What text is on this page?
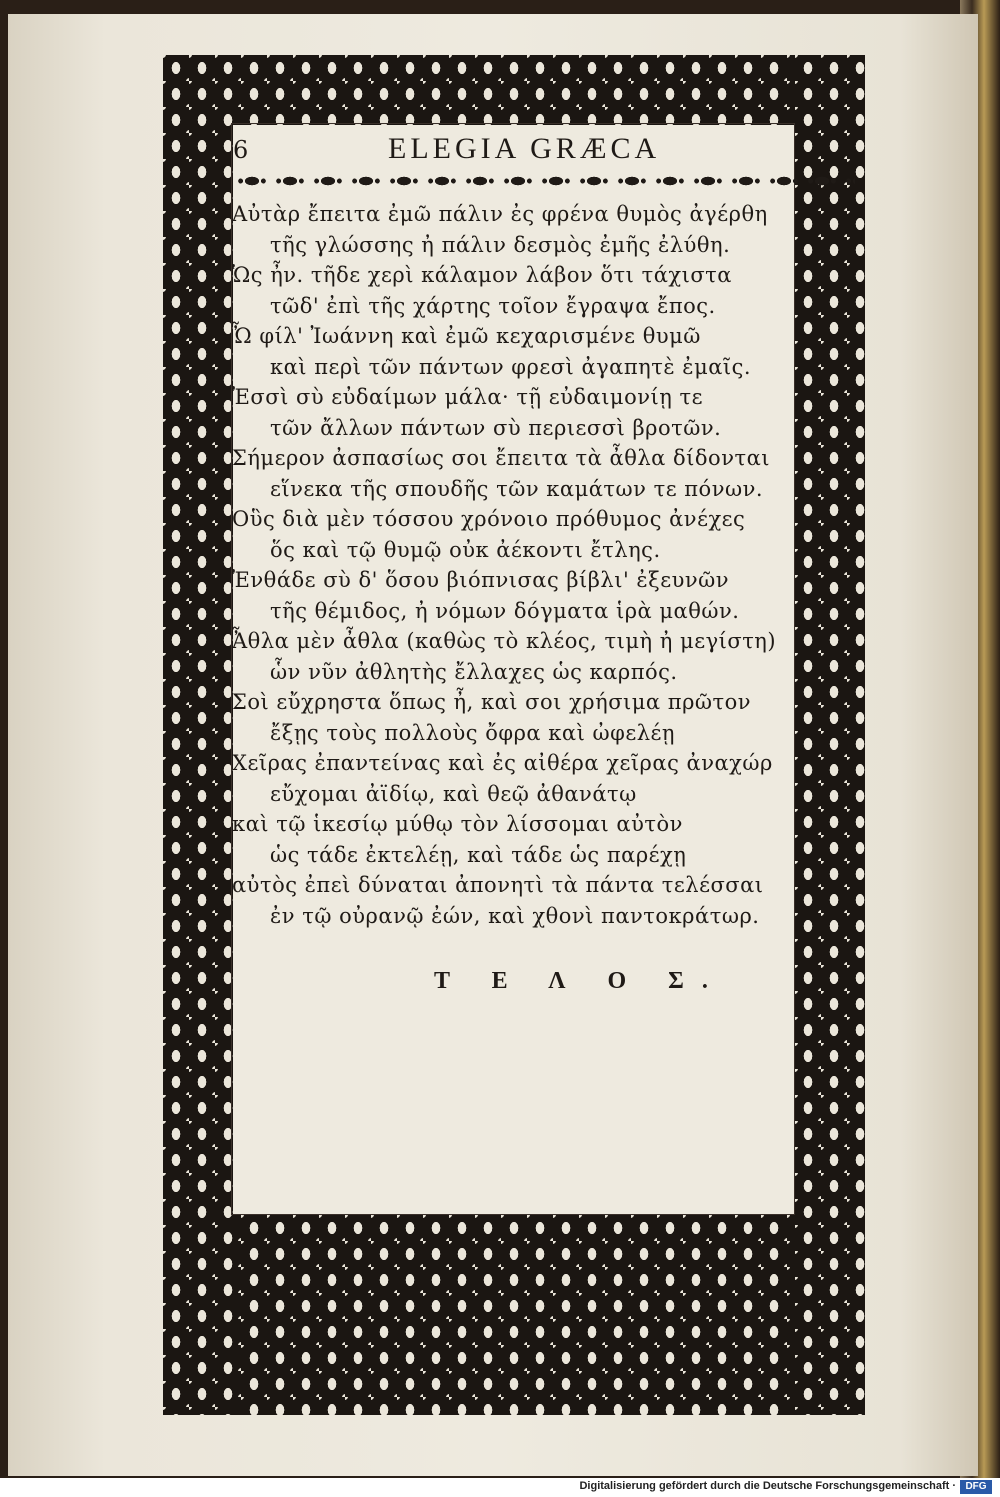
6	ELEGIA GRÆCA
Αὐτὰρ ἔπειτα ἐμῶ πάλιν ἐς φρένα θυμὸς ἀγέρθη
τῆς γλώσσης ἠ πάλιν δεσμὸς ἐμῆς ἐλύθη.
Ὡς ἦν. τῆδε χερὶ κάλαμον λάβον ὅτι τάχιστα
τῶδ' ἐπὶ τῆς χάρτης τοῖον ἔγραψα ἔπος.
Ὦ φίλ' Ἰωάννη καὶ ἐμῶ κεχαρισμένε θυμῶ
καὶ περὶ τῶν πάντων φρεσὶ ἀγαπητὲ ἐμαῖς.
Ἐσσὶ σὺ εὐδαίμων μάλα· τῇ εὐδαιμονίῃ τε
τῶν ἄλλων πάντων σὺ περιεσσὶ βροτῶν.
Σήμερον ἀσπασίως σοι ἔπειτα τὰ ἆθλα δίδονται
εἵνεκα τῆς σπουδῆς τῶν καμάτων τε πόνων.
Οὓς διὰ μὲν τόσσου χρόνοιο πρόθυμος ἀνέχες
ὅς καὶ τῷ θυμῷ οὐκ ἀέκοντι ἔτλης.
Ἐνθάδε σὺ δ' ὅσου βιόπνισας βίβλι' ἐξευνῶν
τῆς θέμιδος, ἠ νόμων δόγματα ἱρὰ μαθών.
Ἆθλα μὲν ἆθλα (καθὼς τὸ κλέος, τιμὴ ἠ μεγίστη)
ὧν νῦν ἀθλητὴς ἔλλαχες ὡς καρπός.
Σοὶ εὔχρηστα ὅπως ἦ, καὶ σοι χρήσιμα πρῶτον
ἔξῃς τοὺς πολλοὺς ὄφρα καὶ ὠφελέῃ
Χεῖρας ἐπαντείνας καὶ ἐς αἰθέρα χεῖρας ἀναχώρ
εὔχομαι ἀϊδίῳ, καὶ θεῷ ἀθανάτῳ
καὶ τῷ ἱκεσίῳ μύθῳ τὸν λίσσομαι αὐτὸν
ὡς τάδε ἐκτελέῃ, καὶ τάδε ὡς παρέχῃ
αὐτὸς ἐπεὶ δύναται ἀπονητὶ τὰ πάντα τελέσσαι
ἐν τῷ οὐρανῷ ἐών, καὶ χθονὶ παντοκράτωρ.
Τ Ε Λ Ο Σ.
Digitalisierung gefördert durch die Deutsche Forschungsgemeinschaft · DFG
